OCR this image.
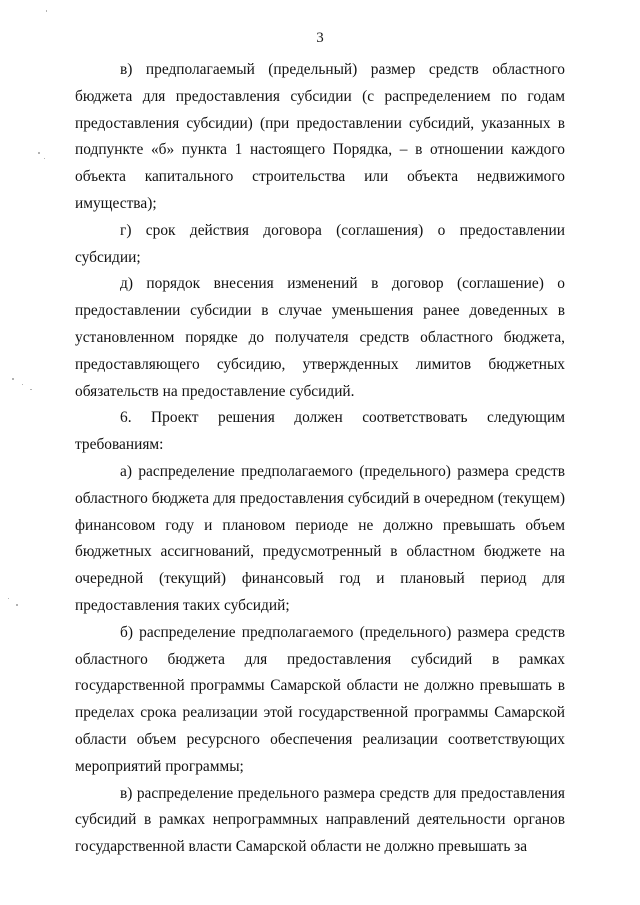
3

в) предполагаемый (предельный) размер средств областного бюджета для предоставления субсидии (с распределением по годам предоставления субсидии) (при предоставлении субсидий, указанных в подпункте «б» пункта 1 настоящего Порядка, – в отношении каждого объекта капитального строительства или объекта недвижимого имущества);

г) срок действия договора (соглашения) о предоставлении субсидии;

д) порядок внесения изменений в договор (соглашение) о предоставлении субсидии в случае уменьшения ранее доведенных в установленном порядке до получателя средств областного бюджета, предоставляющего субсидию, утвержденных лимитов бюджетных обязательств на предоставление субсидий.

6. Проект решения должен соответствовать следующим требованиям:

а) распределение предполагаемого (предельного) размера средств областного бюджета для предоставления субсидий в очередном (текущем) финансовом году и плановом периоде не должно превышать объем бюджетных ассигнований, предусмотренный в областном бюджете на очередной (текущий) финансовый год и плановый период для предоставления таких субсидий;

б) распределение предполагаемого (предельного) размера средств областного бюджета для предоставления субсидий в рамках государственной программы Самарской области не должно превышать в пределах срока реализации этой государственной программы Самарской области объем ресурсного обеспечения реализации соответствующих мероприятий программы;

в) распределение предельного размера средств для предоставления субсидий в рамках непрограммных направлений деятельности органов государственной власти Самарской области не должно превышать за
